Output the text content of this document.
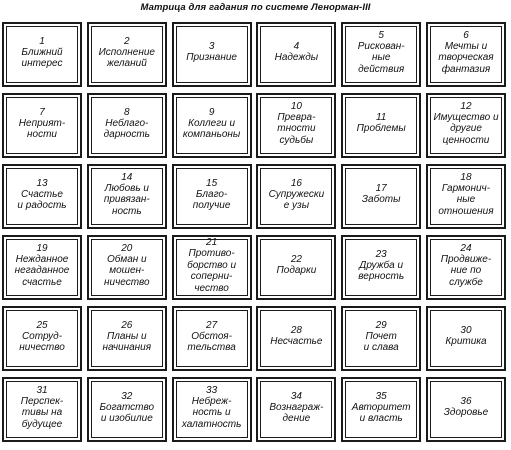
Матрица для гадания по системе Ленорман-III
1
Ближний
интерес
2
Исполнение
желаний
3
Признание
4
Надежды
5
Рискован-
ные
действия
6
Мечты и
творческая
фантазия
7
Неприят-
ности
8
Неблаго-
дарность
9
Коллеги и
компаньоны
10
Превра-
тности
судьбы
11
Проблемы
12
Имущество и другие
ценности
13
Счастье
и радость
14
Любовь и
привязан-
ность
15
Благо-
получие
16
Супружески
е узы
17
Заботы
18
Гармонич-
ные
отношения
19
Нежданное
негаданное
счастье
20
Обман и
мошен-
ничество
21
Противо-
борство и
соперни-
чество
22
Подарки
23
Дружба и
верность
24
Продвиже-
ние по
службе
25
Сотруд-
ничество
26
Планы и
начинания
27
Обстоя-
тельства
28
Несчастье
29
Почет
и слава
30
Критика
31
Перспек-
тивы на
будущее
32
Богатство
и изобилие
33
Небреж-
ность и
халатность
34
Вознаграж-
дение
35
Авторитет
и власть
36
Здоровье
